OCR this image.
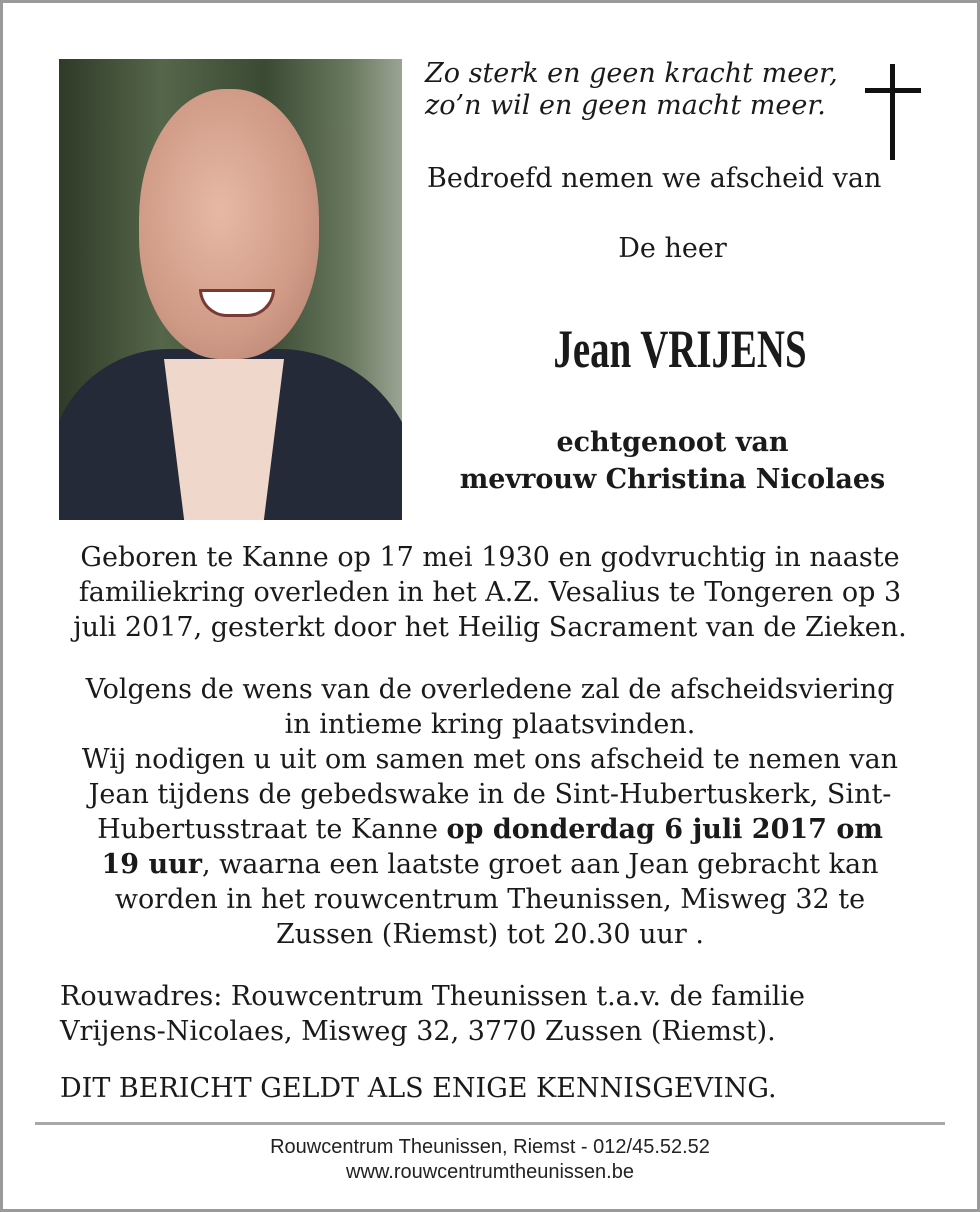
Zo sterk en geen kracht meer,
zo’n wil en geen macht meer.
Bedroefd nemen we afscheid van
De heer
Jean VRIJENS
echtgenoot van
mevrouw Christina Nicolaes
Geboren te Kanne op 17 mei 1930 en godvruchtig in naaste
familiekring overleden in het A.Z. Vesalius te Tongeren op 3
juli 2017, gesterkt door het Heilig Sacrament van de Zieken.
Volgens de wens van de overledene zal de afscheidsviering
in intieme kring plaatsvinden.
Wij nodigen u uit om samen met ons afscheid te nemen van
Jean tijdens de gebedswake in de Sint-Hubertuskerk, Sint-
Hubertusstraat te Kanne op donderdag 6 juli 2017 om
19 uur, waarna een laatste groet aan Jean gebracht kan
worden in het rouwcentrum Theunissen, Misweg 32 te
Zussen (Riemst) tot 20.30 uur .
Rouwadres: Rouwcentrum Theunissen t.a.v. de familie
Vrijens-Nicolaes, Misweg 32, 3770 Zussen (Riemst).
DIT BERICHT GELDT ALS ENIGE KENNISGEVING.
Rouwcentrum Theunissen, Riemst - 012/45.52.52
www.rouwcentrumtheunissen.be
